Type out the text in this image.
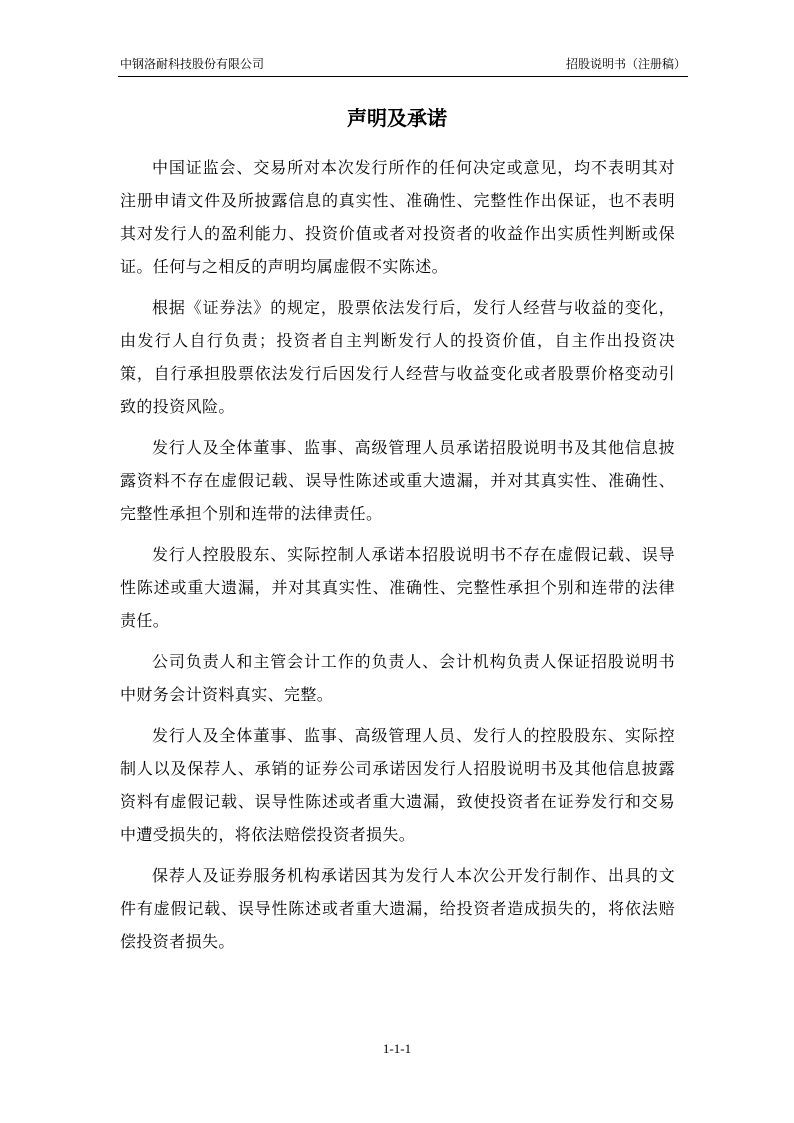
中钢洛耐科技股份有限公司	招股说明书（注册稿）
声明及承诺

中国证监会、交易所对本次发行所作的任何决定或意见，均不表明其对注册申请文件及所披露信息的真实性、准确性、完整性作出保证，也不表明其对发行人的盈利能力、投资价值或者对投资者的收益作出实质性判断或保证。任何与之相反的声明均属虚假不实陈述。

根据《证券法》的规定，股票依法发行后，发行人经营与收益的变化，由发行人自行负责；投资者自主判断发行人的投资价值，自主作出投资决策，自行承担股票依法发行后因发行人经营与收益变化或者股票价格变动引致的投资风险。

发行人及全体董事、监事、高级管理人员承诺招股说明书及其他信息披露资料不存在虚假记载、误导性陈述或重大遗漏，并对其真实性、准确性、完整性承担个别和连带的法律责任。

发行人控股股东、实际控制人承诺本招股说明书不存在虚假记载、误导性陈述或重大遗漏，并对其真实性、准确性、完整性承担个别和连带的法律责任。

公司负责人和主管会计工作的负责人、会计机构负责人保证招股说明书中财务会计资料真实、完整。

发行人及全体董事、监事、高级管理人员、发行人的控股股东、实际控制人以及保荐人、承销的证券公司承诺因发行人招股说明书及其他信息披露资料有虚假记载、误导性陈述或者重大遗漏，致使投资者在证券发行和交易中遭受损失的，将依法赔偿投资者损失。

保荐人及证券服务机构承诺因其为发行人本次公开发行制作、出具的文件有虚假记载、误导性陈述或者重大遗漏，给投资者造成损失的，将依法赔偿投资者损失。

1-1-1
